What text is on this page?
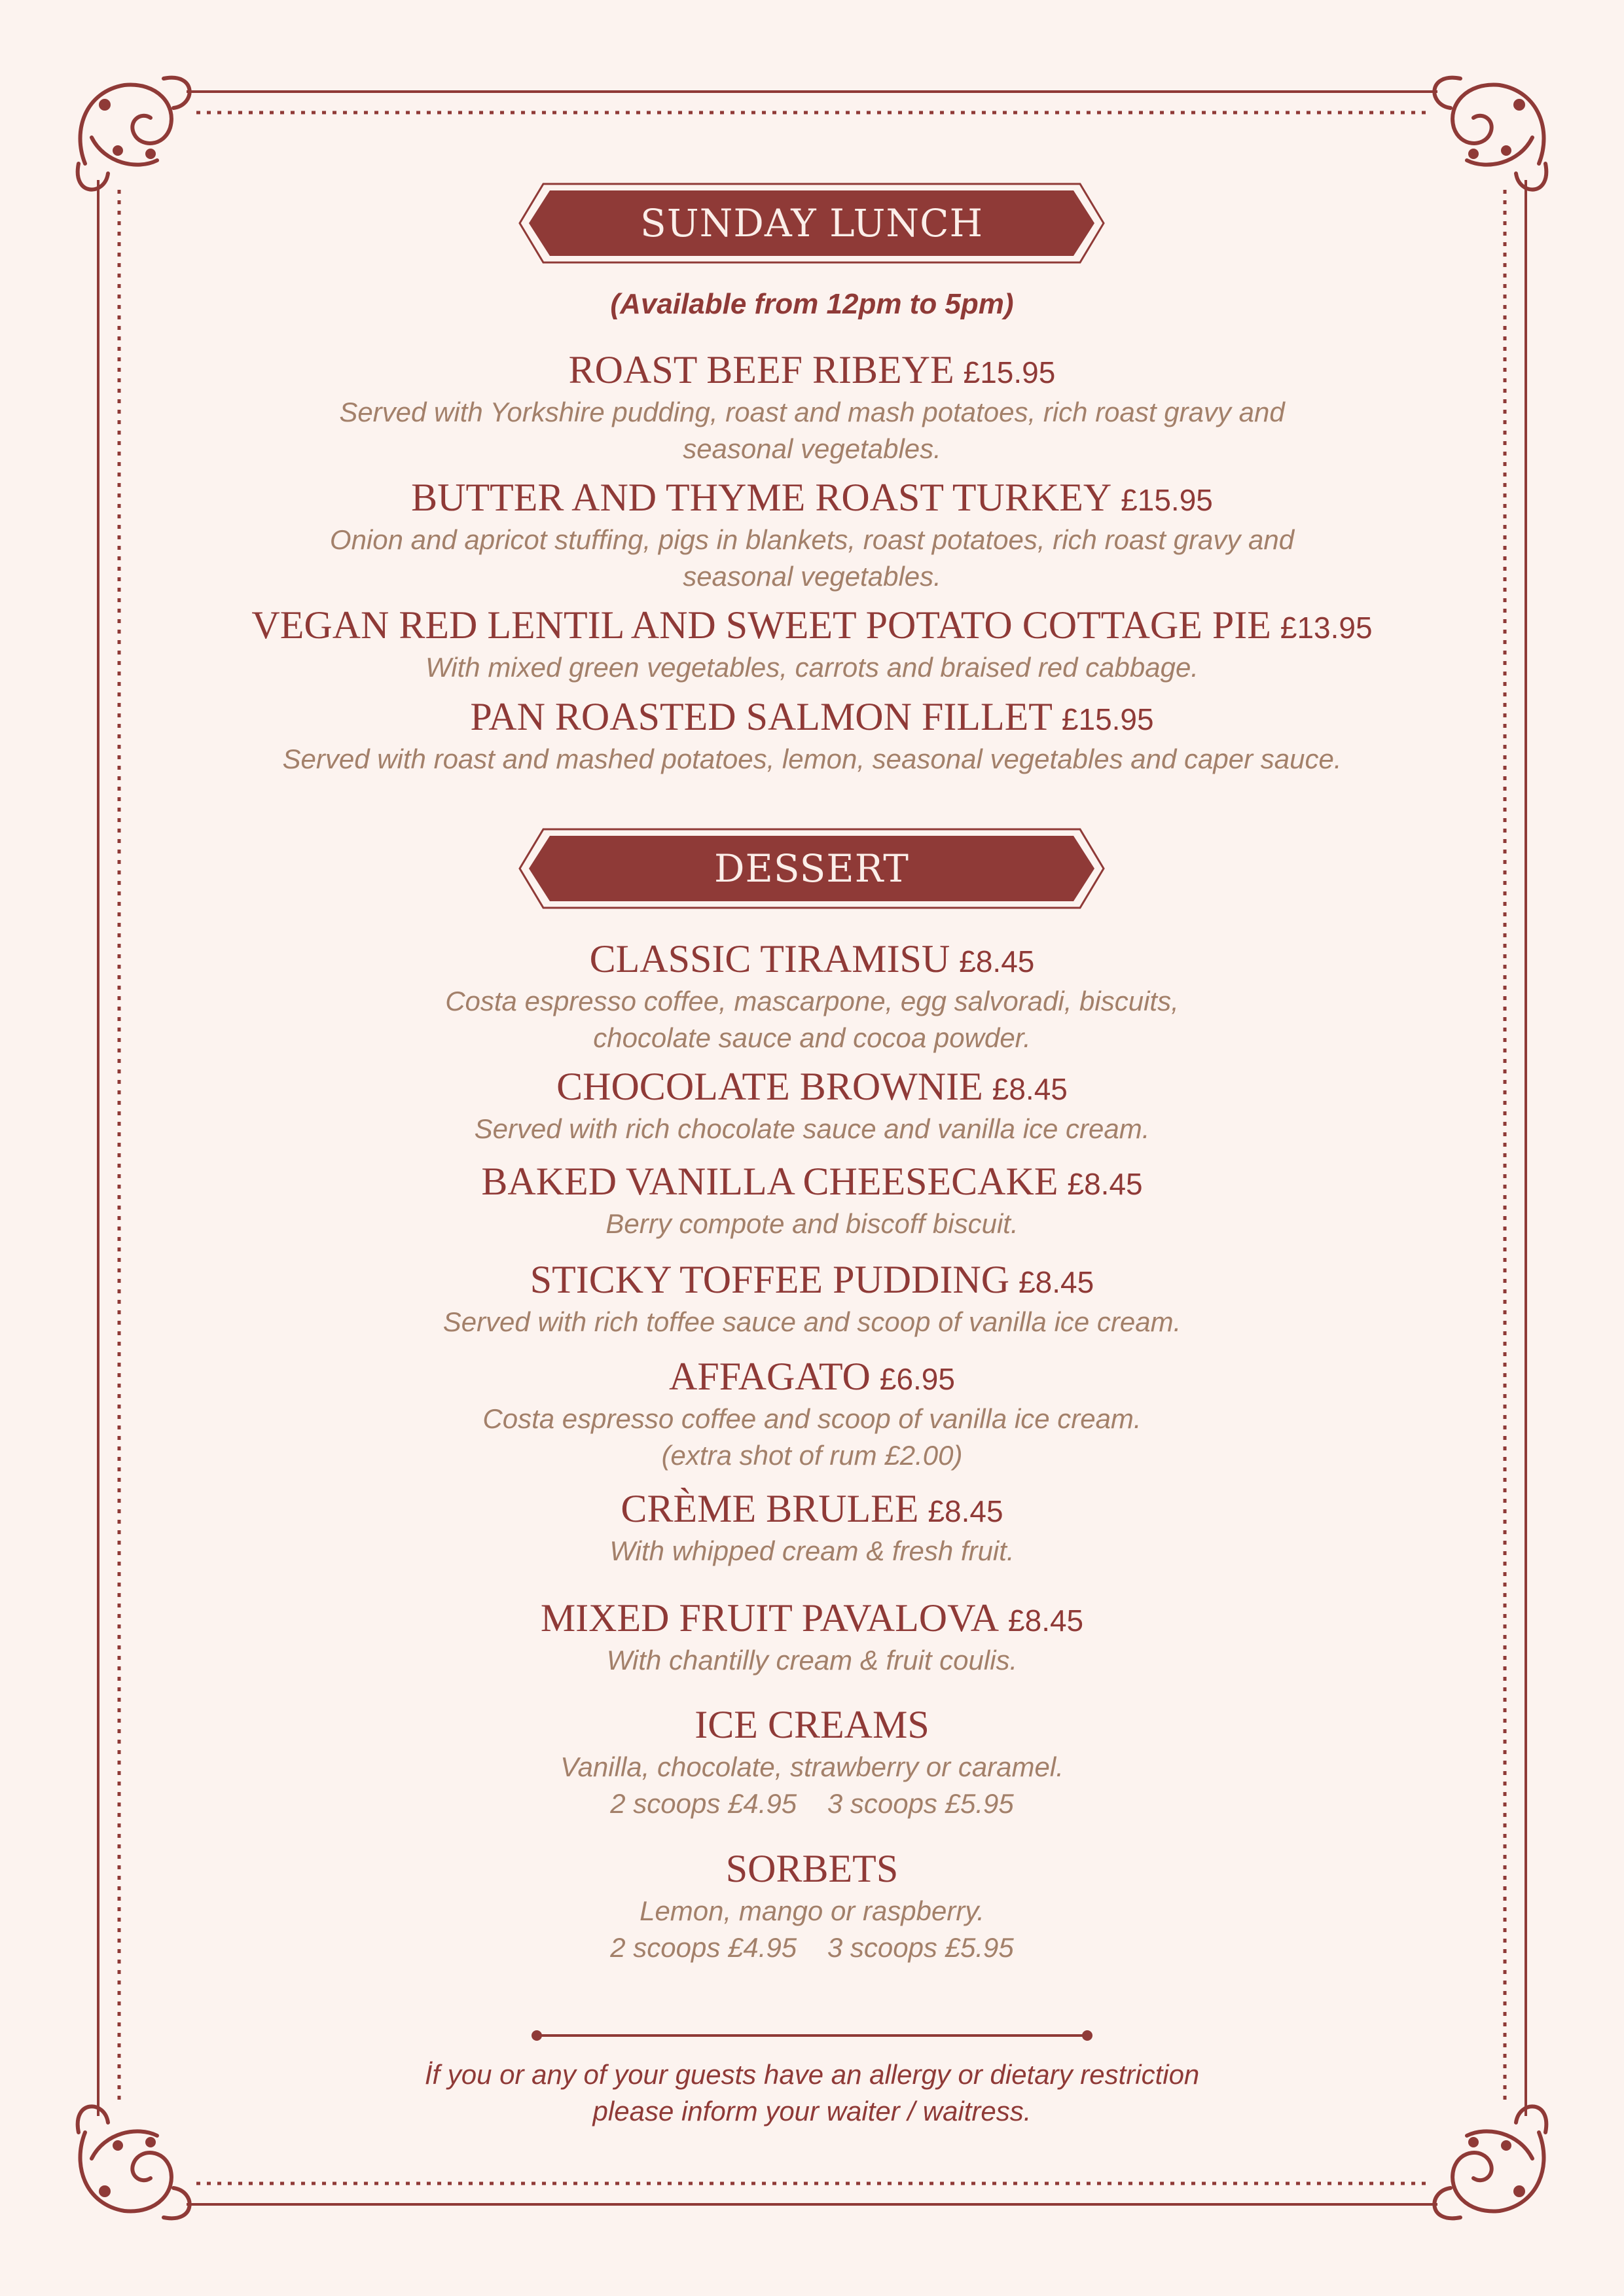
SUNDAY LUNCH
(Available from 12pm to 5pm)
ROAST BEEF RIBEYE £15.95
Served with Yorkshire pudding, roast and mash potatoes, rich roast gravy and
seasonal vegetables.
BUTTER AND THYME ROAST TURKEY £15.95
Onion and apricot stuffing, pigs in blankets, roast potatoes, rich roast gravy and
seasonal vegetables.
VEGAN RED LENTIL AND SWEET POTATO COTTAGE PIE £13.95
With mixed green vegetables, carrots and braised red cabbage.
PAN ROASTED SALMON FILLET £15.95
Served with roast and mashed potatoes, lemon, seasonal vegetables and caper sauce.
DESSERT
CLASSIC TIRAMISU £8.45
Costa espresso coffee, mascarpone, egg salvoradi, biscuits,
chocolate sauce and cocoa powder.
CHOCOLATE BROWNIE £8.45
Served with rich chocolate sauce and vanilla ice cream.
BAKED VANILLA CHEESECAKE £8.45
Berry compote and biscoff biscuit.
STICKY TOFFEE PUDDING £8.45
Served with rich toffee sauce and scoop of vanilla ice cream.
AFFAGATO £6.95
Costa espresso coffee and scoop of vanilla ice cream.
(extra shot of rum £2.00)
CRÈME BRULEE £8.45
With whipped cream & fresh fruit.
MIXED FRUIT PAVALOVA £8.45
With chantilly cream & fruit coulis.
ICE CREAMS
Vanilla, chocolate, strawberry or caramel.
2 scoops £4.95    3 scoops £5.95
SORBETS
Lemon, mango or raspberry.
2 scoops £4.95    3 scoops £5.95
İf you or any of your guests have an allergy or dietary restriction
please inform your waiter / waitress.
